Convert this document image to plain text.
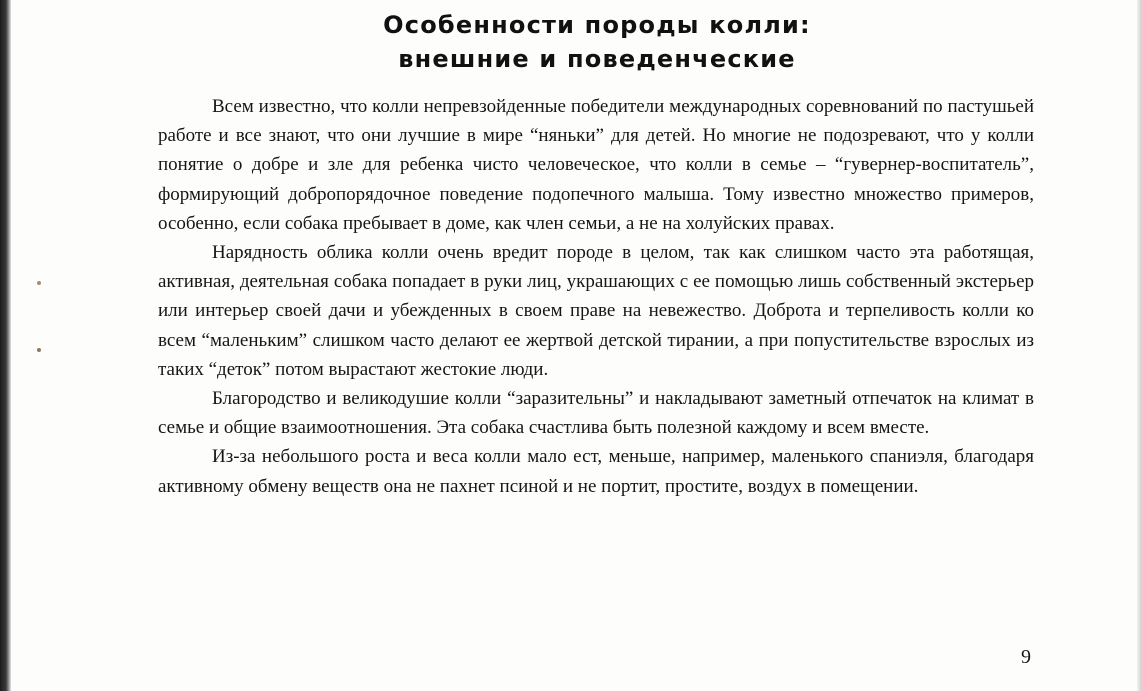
Особенности породы колли:
внешние и поведенческие

Всем известно, что колли непревзойденные победители международных соревнований по пастушьей работе и все знают, что они лучшие в мире “няньки” для детей. Но многие не подозревают, что у колли понятие о добре и зле для ребенка чисто человеческое, что колли в семье – “гувернер-воспитатель”, формирующий добропорядочное поведение подопечного малыша. Тому известно множество примеров, особенно, если собака пребывает в доме, как член семьи, а не на холуйских правах.

Нарядность облика колли очень вредит породе в целом, так как слишком часто эта работящая, активная, деятельная собака попадает в руки лиц, украшающих с ее помощью лишь собственный экстерьер или интерьер своей дачи и убежденных в своем праве на невежество. Доброта и терпеливость колли ко всем “маленьким” слишком часто делают ее жертвой детской тирании, а при попустительстве взрослых из таких “деток” потом вырастают жестокие люди.

Благородство и великодушие колли “заразительны” и накладывают заметный отпечаток на климат в семье и общие взаимоотношения. Эта собака счастлива быть полезной каждому и всем вместе.

Из-за небольшого роста и веса колли мало ест, меньше, например, маленького спаниэля, благодаря активному обмену веществ она не пахнет псиной и не портит, простите, воздух в помещении.

9
